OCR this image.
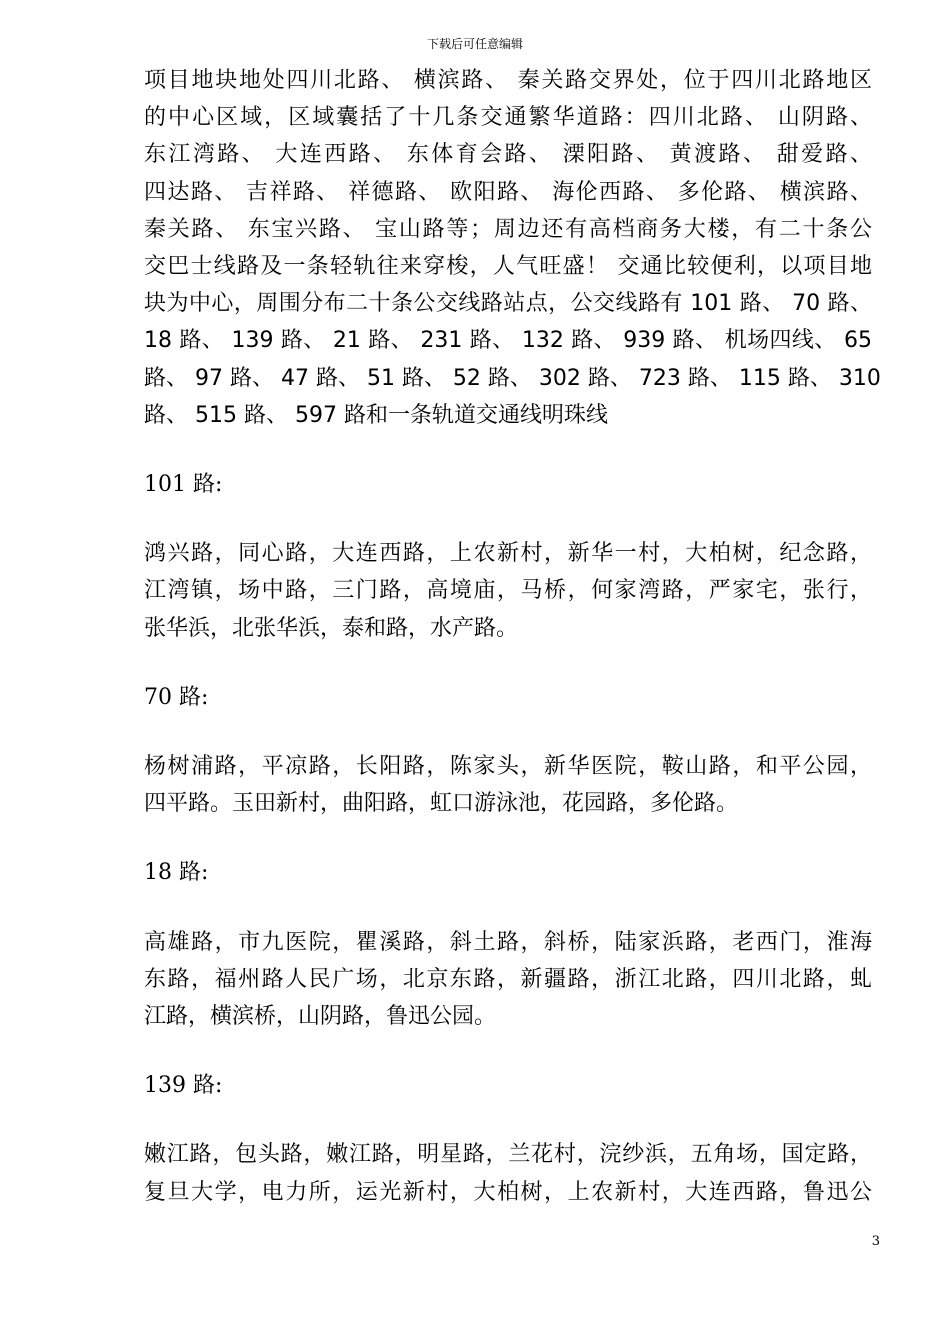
下载后可任意编辑

项目地块地处四川北路、 横滨路、 秦关路交界处，位于四川北路地区
的中心区域，区域囊括了十几条交通繁华道路：四川北路、 山阴路、
东江湾路、 大连西路、 东体育会路、 溧阳路、 黄渡路、 甜爱路、
四达路、 吉祥路、 祥德路、 欧阳路、 海伦西路、 多伦路、 横滨路、
秦关路、 东宝兴路、 宝山路等；周边还有高档商务大楼，有二十条公
交巴士线路及一条轻轨往来穿梭，人气旺盛！ 交通比较便利，以项目地
块为中心，周围分布二十条公交线路站点，公交线路有 101 路、 70 路、
18 路、 139 路、 21 路、 231 路、 132 路、 939 路、 机场四线、 65
路、 97 路、 47 路、 51 路、 52 路、 302 路、 723 路、 115 路、 310
路、 515 路、 597 路和一条轨道交通线明珠线

101 路:

鸿兴路，同心路，大连西路，上农新村，新华一村，大柏树，纪念路，
江湾镇，场中路，三门路，高境庙，马桥，何家湾路，严家宅，张行，
张华浜，北张华浜，泰和路，水产路。

70 路:

杨树浦路，平凉路，长阳路，陈家头，新华医院，鞍山路，和平公园，
四平路。玉田新村，曲阳路，虹口游泳池，花园路，多伦路。

18 路:

高雄路，市九医院，瞿溪路，斜土路，斜桥，陆家浜路，老西门，淮海
东路，福州路人民广场，北京东路，新疆路，浙江北路，四川北路，虬
江路，横滨桥，山阴路，鲁迅公园。

139 路:

嫩江路，包头路，嫩江路，明星路，兰花村，浣纱浜，五角场，国定路，
复旦大学，电力所，运光新村，大柏树，上农新村，大连西路，鲁迅公

3
